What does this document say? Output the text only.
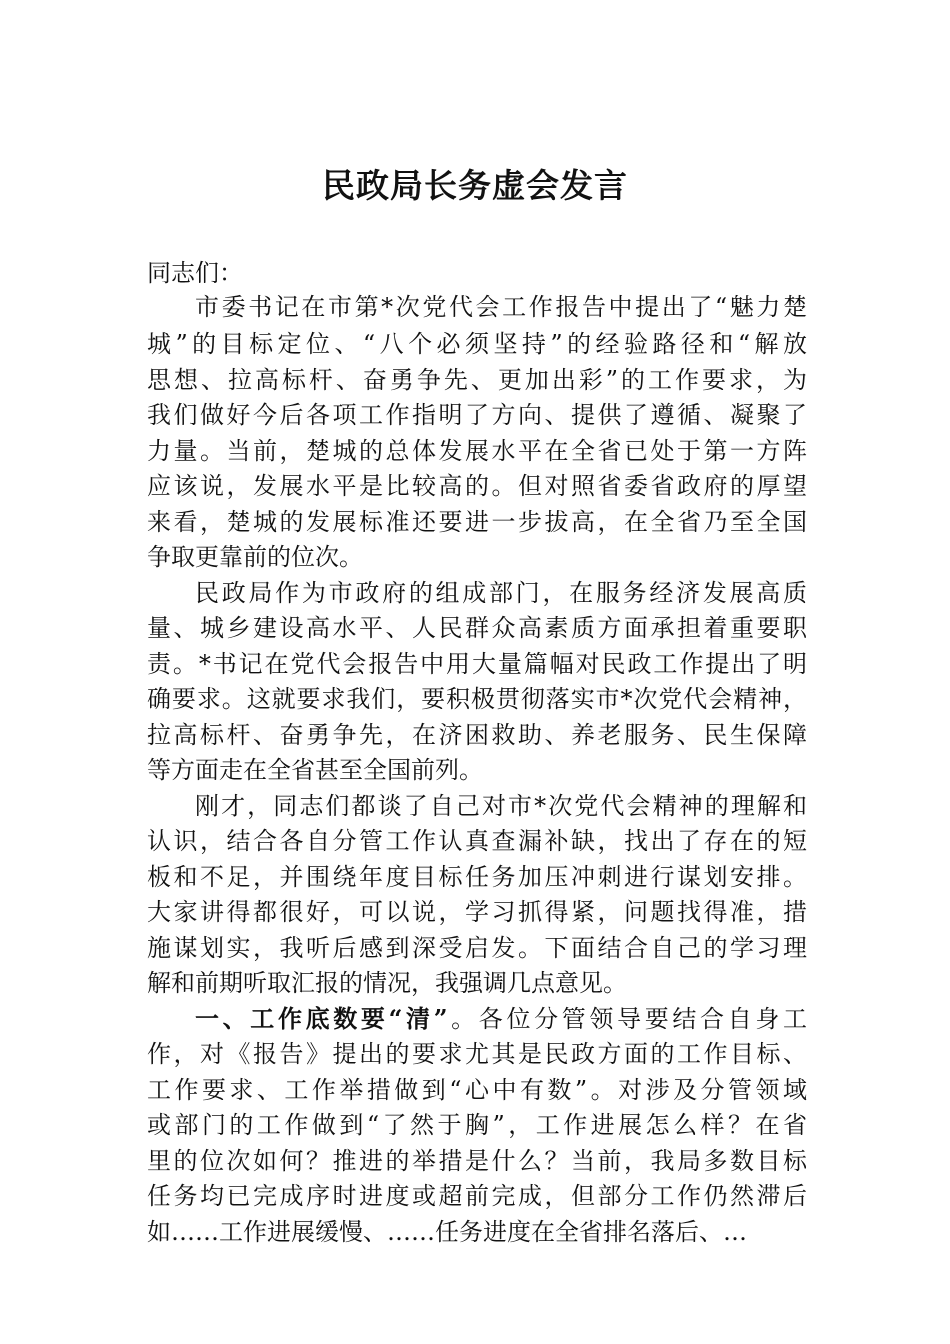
民政局长务虚会发言
同志们：
市委书记在市第*次党代会工作报告中提出了“魅力楚
城”的目标定位、“八个必须坚持”的经验路径和“解放
思想、拉高标杆、奋勇争先、更加出彩”的工作要求，为
我们做好今后各项工作指明了方向、提供了遵循、凝聚了
力量。当前，楚城的总体发展水平在全省已处于第一方阵
应该说，发展水平是比较高的。但对照省委省政府的厚望
来看，楚城的发展标准还要进一步拔高，在全省乃至全国
争取更靠前的位次。
民政局作为市政府的组成部门，在服务经济发展高质
量、城乡建设高水平、人民群众高素质方面承担着重要职
责。*书记在党代会报告中用大量篇幅对民政工作提出了明
确要求。这就要求我们，要积极贯彻落实市*次党代会精神，
拉高标杆、奋勇争先，在济困救助、养老服务、民生保障
等方面走在全省甚至全国前列。
刚才，同志们都谈了自己对市*次党代会精神的理解和
认识，结合各自分管工作认真查漏补缺，找出了存在的短
板和不足，并围绕年度目标任务加压冲刺进行谋划安排。
大家讲得都很好，可以说，学习抓得紧，问题找得准，措
施谋划实，我听后感到深受启发。下面结合自己的学习理
解和前期听取汇报的情况，我强调几点意见。
一、工作底数要“清”。各位分管领导要结合自身工
作，对《报告》提出的要求尤其是民政方面的工作目标、
工作要求、工作举措做到“心中有数”。对涉及分管领域
或部门的工作做到“了然于胸”，工作进展怎么样？在省
里的位次如何？推进的举措是什么？当前，我局多数目标
任务均已完成序时进度或超前完成，但部分工作仍然滞后
如……工作进展缓慢、……任务进度在全省排名落后、…
